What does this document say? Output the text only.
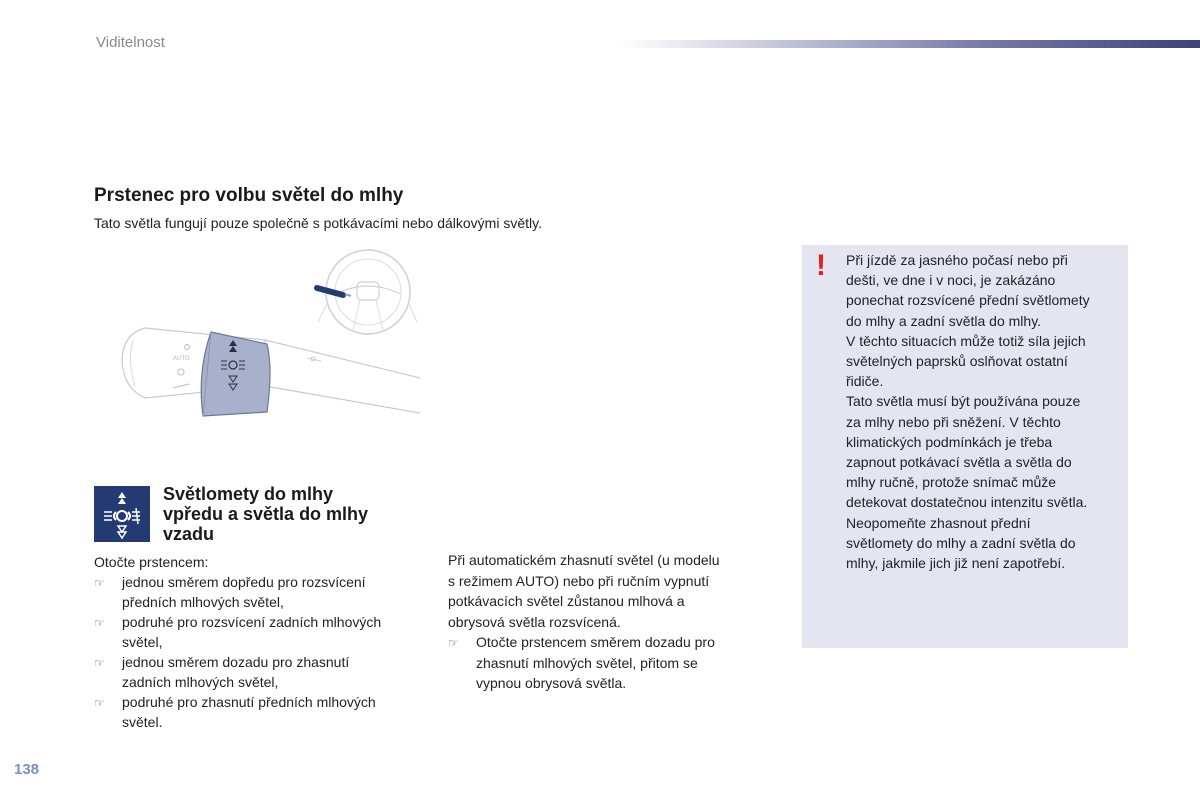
Viditelnost
Prstenec pro volbu světel do mlhy
Tato světla fungují pouze společně s potkávacími nebo dálkovými světly.
AUTO
Světlomety do mlhy
vpředu a světla do mlhy
vzadu

Otočte prstencem:

☞ jednou směrem dopředu pro rozsvícení
předních mlhových světel,
☞ podruhé pro rozsvícení zadních mlhových
světel,
☞ jednou směrem dozadu pro zhasnutí
zadních mlhových světel,
☞ podruhé pro zhasnutí předních mlhových
světel.

Při automatickém zhasnutí světel (u modelu
s režimem AUTO) nebo při ručním vypnutí
potkávacích světel zůstanou mlhová a
obrysová světla rozsvícená.

☞ Otočte prstencem směrem dozadu pro
zhasnutí mlhových světel, přitom se
vypnou obrysová světla.
! Při jízdě za jasného počasí nebo při
dešti, ve dne i v noci, je zakázáno
ponechat rozsvícené přední světlomety
do mlhy a zadní světla do mlhy.
V těchto situacích může totiž síla jejich
světelných paprsků oslňovat ostatní
řidiče.
Tato světla musí být používána pouze
za mlhy nebo při sněžení. V těchto
klimatických podmínkách je třeba
zapnout potkávací světla a světla do
mlhy ručně, protože snímač může
detekovat dostatečnou intenzitu světla.
Neopomeňte zhasnout přední
světlomety do mlhy a zadní světla do
mlhy, jakmile jich již není zapotřebí.
138
